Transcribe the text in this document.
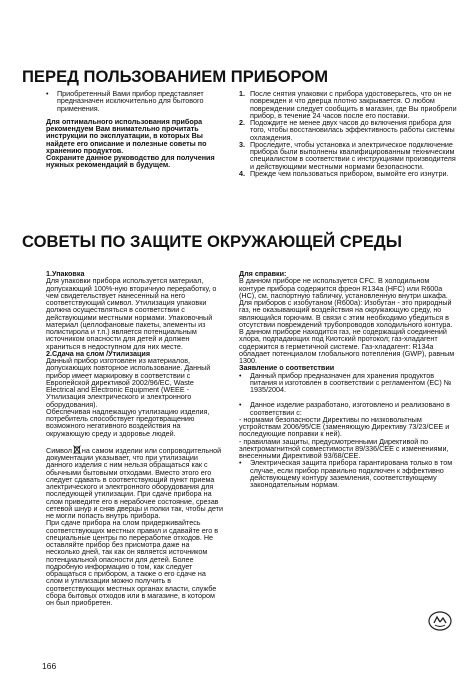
ПЕРЕД ПОЛЬЗОВАНИЕМ ПРИБОРОМ
•	Приобретенный Вами прибор представляет предназначен исключительно для бытового применения.

Для оптимального использования прибора рекомендуем Вам внимательно прочитать инструкции по эксплуатации, в которых Вы найдете его описание и полезные советы по хранению продуктов.

Сохраните данное руководство для получения нужных рекомендаций в будущем.

1. После снятия упаковки с прибора удостоверьтесь, что он не поврежден и что дверца плотно закрывается. О любом повреждении следует сообщить в магазин, где Вы приобрели прибор, в течение 24 часов после его поставки.
2. Подождите не менее двух часов до включения прибора для того, чтобы восстановилась эффективность работы системы охлаждения.
3. Проследите, чтобы установка и электрическое подключение прибора были выполнены квалифицированным техническим специалистом в соответствии с инструкциями производителя и действующими местными нормами безопасности.
4. Прежде чем пользоваться прибором, вымойте его изнутри.
СОВЕТЫ ПО ЗАЩИТЕ ОКРУЖАЮЩЕЙ СРЕДЫ

1.Упаковка

Для упаковки прибора используется материал, допускающий 100%-ную вторичную переработку, о чем свидетельствует нанесенный на него соответствующий символ. Утилизация упаковки должна осуществляться в соответствии с действующими местными нормами. Упаковочный материал (целлофановые пакеты, элементы из полистирола и т.п.) является потенциальным источником опасности для детей и должен храниться в недоступном для них месте.

2.Сдача на слом /Утилизация

Данный прибор изготовлен из материалов, допускающих повторное использование. Данный прибор имеет маркировку в соответствии с Европейской директивой 2002/96/EC, Waste Electrical and Electronic Equipment (WEEE - Утилизация электрического и электронного оборудования).

Обеспечивая надлежащую утилизацию изделия, потребитель способствует предотвращению возможного негативного воздействия на окружающую среду и здоровье людей.

Символ на самом изделии или сопроводительной документации указывает, что при утилизации данного изделия с ним нельзя обращаться как с обычными бытовыми отходами. Вместо этого его следует сдавать в соответствующий пункт приема электрического и электронного оборудования для последующей утилизации. При сдаче прибора на слом приведите его в нерабочее состояние, срезав сетевой шнур и сняв дверцы и полки так, чтобы дети не могли попасть внутрь прибора.

При сдаче прибора на слом придерживайтесь соответствующих местных правил и сдавайте его в специальные центры по переработке отходов. Не оставляйте прибор без присмотра даже на несколько дней, так как он является источником потенциальной опасности для детей. Более подробную информацию о том, как следует обращаться с прибором, а также о его сдаче на слом и утилизации можно получить в соответствующих местных органах власти, службе сбора бытовых отходов или в магазине, в котором он был приобретен.

Для справки:

В данном приборе не используется CFC. В холодильном контуре прибора содержится фреон R134a (HFC) или R600a (HC), см. паспортную табличку, установленную внутри шкафа.

Для приборов с изобутаном (R600a): Изобутан - это природный газ, не оказывающий воздействия на окружающую среду, но являющийся горючим. В связи с этим необходимо убедиться в отсутствии повреждений трубопроводов холодильного контура.

В данном приборе находится газ, не содержащий соединений хлора, подпадающих под Киотский протокол; газ-хладагент содержится в герметичной системе. Газ-хладагент: R134a обладает потенциалом глобального потепления (GWP), равным 1300.

Заявление о соответствии

•	Данный прибор предназначен для хранения продуктов питания и изготовлен в соответствии с регламентом (ЕС) № 1935/2004.
•	Данное изделие разработано, изготовлено и реализовано в соответствии с:

- нормами безопасности Директивы по низковольтным устройствам 2006/95/СЕ (заменяющую Директиву 73/23/СЕЕ и последующие поправки к ней).

- правилами защиты, предусмотренными Директивой по электромагнитной совместимости 89/336/СЕЕ с изменениями, внесенными Директивой 93/68/СЕЕ.

•	Электрическая защита прибора гарантирована только в том случае, если прибор правильно подключен к эффективно действующему контуру заземления, соответствующему законодательным нормам.
166
